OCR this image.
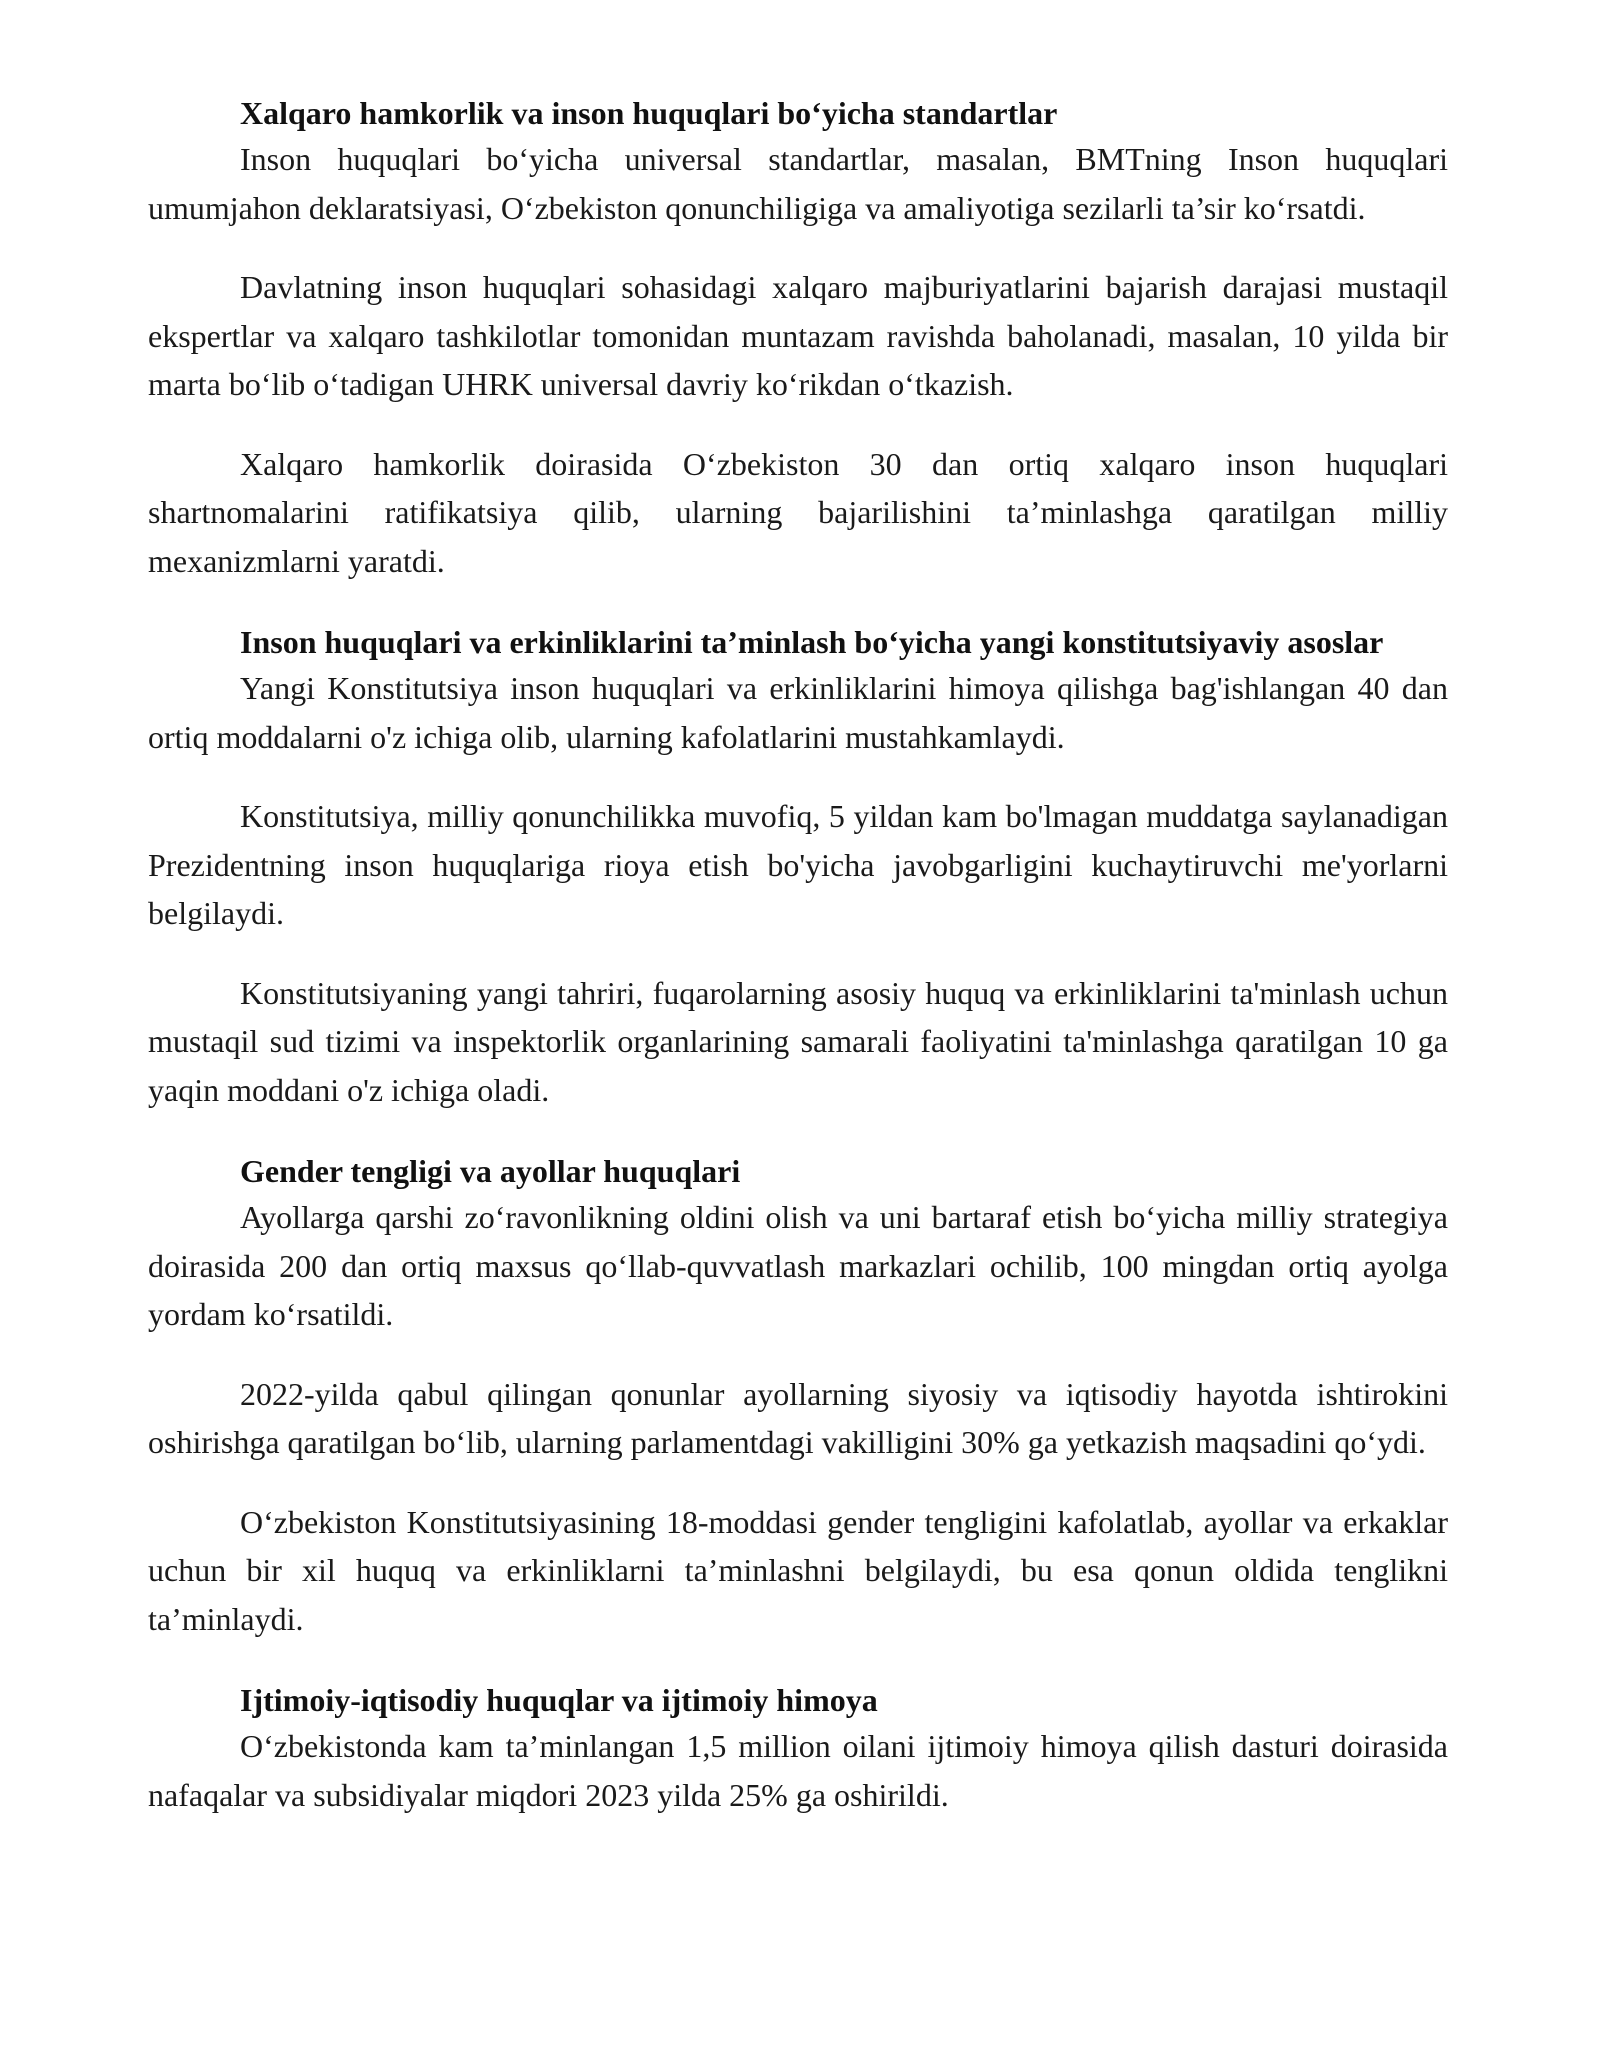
Xalqaro hamkorlik va inson huquqlari bo‘yicha standartlar

Inson huquqlari bo‘yicha universal standartlar, masalan, BMTning Inson huquqlari umumjahon deklaratsiyasi, O‘zbekiston qonunchiligiga va amaliyotiga sezilarli ta’sir ko‘rsatdi.

Davlatning inson huquqlari sohasidagi xalqaro majburiyatlarini bajarish darajasi mustaqil ekspertlar va xalqaro tashkilotlar tomonidan muntazam ravishda baholanadi, masalan, 10 yilda bir marta bo‘lib o‘tadigan UHRK universal davriy ko‘rikdan o‘tkazish.

Xalqaro hamkorlik doirasida O‘zbekiston 30 dan ortiq xalqaro inson huquqlari shartnomalarini ratifikatsiya qilib, ularning bajarilishini ta’minlashga qaratilgan milliy mexanizmlarni yaratdi.

Inson huquqlari va erkinliklarini ta’minlash bo‘yicha yangi konstitutsiyaviy asoslar

Yangi Konstitutsiya inson huquqlari va erkinliklarini himoya qilishga bag'ishlangan 40 dan ortiq moddalarni o'z ichiga olib, ularning kafolatlarini mustahkamlaydi.

Konstitutsiya, milliy qonunchilikka muvofiq, 5 yildan kam bo'lmagan muddatga saylanadigan Prezidentning inson huquqlariga rioya etish bo'yicha javobgarligini kuchaytiruvchi me'yorlarni belgilaydi.

Konstitutsiyaning yangi tahriri, fuqarolarning asosiy huquq va erkinliklarini ta'minlash uchun mustaqil sud tizimi va inspektorlik organlarining samarali faoliyatini ta'minlashga qaratilgan 10 ga yaqin moddani o'z ichiga oladi.

Gender tengligi va ayollar huquqlari

Ayollarga qarshi zo‘ravonlikning oldini olish va uni bartaraf etish bo‘yicha milliy strategiya doirasida 200 dan ortiq maxsus qo‘llab-quvvatlash markazlari ochilib, 100 mingdan ortiq ayolga yordam ko‘rsatildi.

2022-yilda qabul qilingan qonunlar ayollarning siyosiy va iqtisodiy hayotda ishtirokini oshirishga qaratilgan bo‘lib, ularning parlamentdagi vakilligini 30% ga yetkazish maqsadini qo‘ydi.

O‘zbekiston Konstitutsiyasining 18-moddasi gender tengligini kafolatlab, ayollar va erkaklar uchun bir xil huquq va erkinliklarni ta’minlashni belgilaydi, bu esa qonun oldida tenglikni ta’minlaydi.

Ijtimoiy-iqtisodiy huquqlar va ijtimoiy himoya

O‘zbekistonda kam ta’minlangan 1,5 million oilani ijtimoiy himoya qilish dasturi doirasida nafaqalar va subsidiyalar miqdori 2023 yilda 25% ga oshirildi.
